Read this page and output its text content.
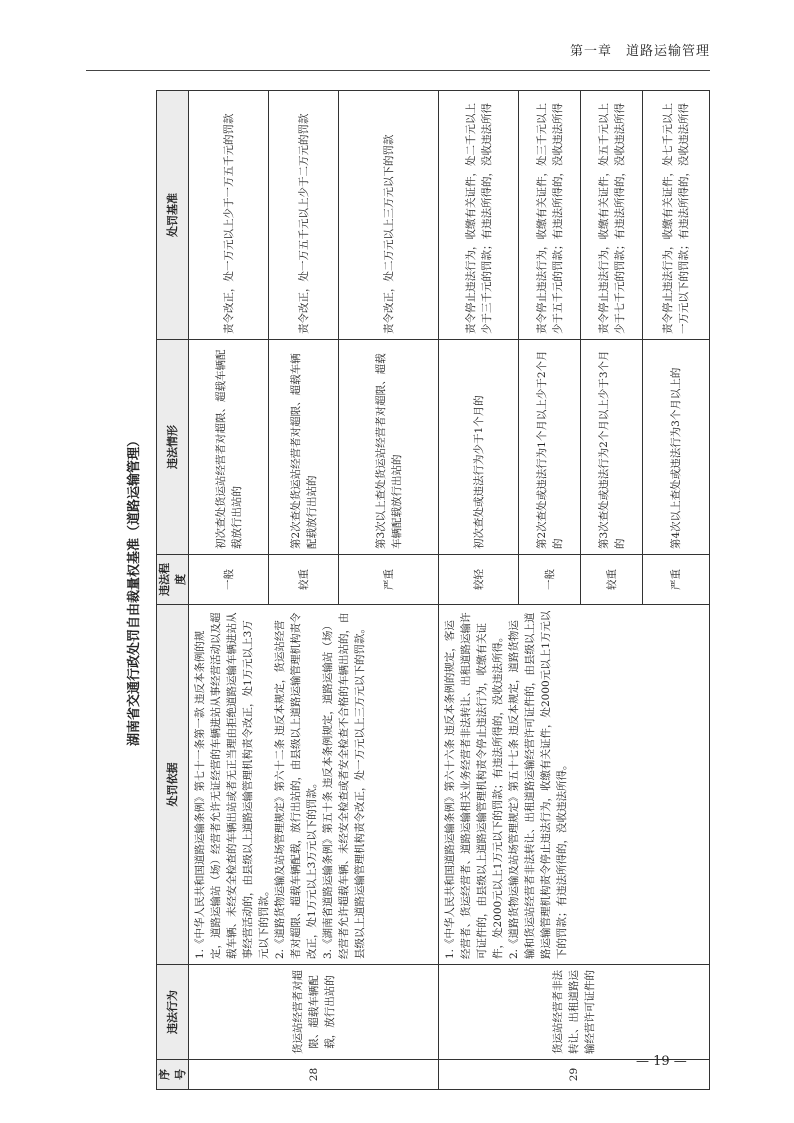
第一章　道路运输管理
湖南省交通行政处罚自由裁量权基准（道路运输管理）
序号
违法行为
处罚依据
违法程度
违法情形
处罚基准
28
货运站经营者对超限、超载车辆配载，放行出站的

1.《中华人民共和国道路运输条例》第七十一条第一款 违反本条例的规定，道路运输站（场）经营者允许无证经营的车辆进站从事经营活动以及超载车辆、未经安全检查的车辆出站或者无正当理由拒绝道路运输车辆进站从事经营活动的，由县级以上道路运输管理机构责令改正，处1万元以上3万元以下的罚款。 2.《道路货物运输及站场管理规定》第六十二条 违反本规定，货运站经营者对超限、超载车辆配载，放行出站的，由县级以上道路运输管理机构责令改正，处1万元以上3万元以下的罚款。 3.《湖南省道路运输条例》第五十条 违反本条例规定，道路运输站（场）经营者允许超载车辆、未经安全检查或者安全检查不合格的车辆出站的，由县级以上道路运输管理机构责令改正，处一万元以上三万元以下的罚款。

一般
初次查处货运站经营者对超限、超载车辆配载放行出站的
责令改正，处一万元以上少于一万五千元的罚款
较重
第2次查处货运站经营者对超限、超载车辆配载放行出站的
责令改正，处一万五千元以上少于二万元的罚款
严重
第3次以上查处货运站经营者对超限、超载车辆配载放行出站的
责令改正，处二万元以上三万元以下的罚款
29
货运站经营者非法转让、出租道路运输经营许可证件的

1.《中华人民共和国道路运输条例》第六十六条 违反本条例的规定，客运经营者、货运经营者、道路运输相关业务经营者非法转让、出租道路运输许可证件的，由县级以上道路运输管理机构责令停止违法行为，收缴有关证件，处2000元以上1万元以下的罚款；有违法所得的，没收违法所得。 2.《道路货物运输及站场管理规定》第五十七条 违反本规定，道路货物运输和货运站经营者非法转让、出租道路运输经营许可证件的，由县级以上道路运输管理机构责令停止违法行为，收缴有关证件，处2000元以上1万元以下的罚款；有违法所得的，没收违法所得。

较轻
初次查处或违法行为少于1个月的
责令停止违法行为，收缴有关证件，处二千元以上少于三千元的罚款；有违法所得的，没收违法所得
一般
第2次查处或违法行为1个月以上少于2个月的
责令停止违法行为，收缴有关证件，处三千元以上少于五千元的罚款；有违法所得的，没收违法所得
较重
第3次查处或违法行为2个月以上少于3个月的
责令停止违法行为，收缴有关证件，处五千元以上少于七千元的罚款；有违法所得的，没收违法所得
严重
第4次以上查处或违法行为3个月以上的
责令停止违法行为，收缴有关证件，处七千元以上一万元以下的罚款；有违法所得的，没收违法所得
— 19 —
